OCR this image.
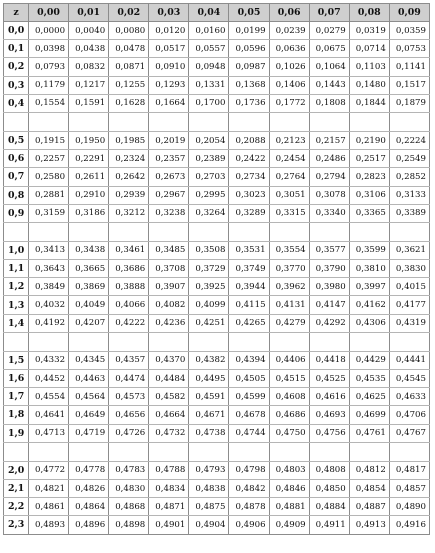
z	0,00	0,01	0,02	0,03	0,04	0,05	0,06	0,07	0,08	0,09
0,0	0,0000	0,0040	0,0080	0,0120	0,0160	0,0199	0,0239	0,0279	0,0319	0,0359
0,1	0,0398	0,0438	0,0478	0,0517	0,0557	0,0596	0,0636	0,0675	0,0714	0,0753
0,2	0,0793	0,0832	0,0871	0,0910	0,0948	0,0987	0,1026	0,1064	0,1103	0,1141
0,3	0,1179	0,1217	0,1255	0,1293	0,1331	0,1368	0,1406	0,1443	0,1480	0,1517
0,4	0,1554	0,1591	0,1628	0,1664	0,1700	0,1736	0,1772	0,1808	0,1844	0,1879

0,5	0,1915	0,1950	0,1985	0,2019	0,2054	0,2088	0,2123	0,2157	0,2190	0,2224
0,6	0,2257	0,2291	0,2324	0,2357	0,2389	0,2422	0,2454	0,2486	0,2517	0,2549
0,7	0,2580	0,2611	0,2642	0,2673	0,2703	0,2734	0,2764	0,2794	0,2823	0,2852
0,8	0,2881	0,2910	0,2939	0,2967	0,2995	0,3023	0,3051	0,3078	0,3106	0,3133
0,9	0,3159	0,3186	0,3212	0,3238	0,3264	0,3289	0,3315	0,3340	0,3365	0,3389

1,0	0,3413	0,3438	0,3461	0,3485	0,3508	0,3531	0,3554	0,3577	0,3599	0,3621
1,1	0,3643	0,3665	0,3686	0,3708	0,3729	0,3749	0,3770	0,3790	0,3810	0,3830
1,2	0,3849	0,3869	0,3888	0,3907	0,3925	0,3944	0,3962	0,3980	0,3997	0,4015
1,3	0,4032	0,4049	0,4066	0,4082	0,4099	0,4115	0,4131	0,4147	0,4162	0,4177
1,4	0,4192	0,4207	0,4222	0,4236	0,4251	0,4265	0,4279	0,4292	0,4306	0,4319

1,5	0,4332	0,4345	0,4357	0,4370	0,4382	0,4394	0,4406	0,4418	0,4429	0,4441
1,6	0,4452	0,4463	0,4474	0,4484	0,4495	0,4505	0,4515	0,4525	0,4535	0,4545
1,7	0,4554	0,4564	0,4573	0,4582	0,4591	0,4599	0,4608	0,4616	0,4625	0,4633
1,8	0,4641	0,4649	0,4656	0,4664	0,4671	0,4678	0,4686	0,4693	0,4699	0,4706
1,9	0,4713	0,4719	0,4726	0,4732	0,4738	0,4744	0,4750	0,4756	0,4761	0,4767

2,0	0,4772	0,4778	0,4783	0,4788	0,4793	0,4798	0,4803	0,4808	0,4812	0,4817
2,1	0,4821	0,4826	0,4830	0,4834	0,4838	0,4842	0,4846	0,4850	0,4854	0,4857
2,2	0,4861	0,4864	0,4868	0,4871	0,4875	0,4878	0,4881	0,4884	0,4887	0,4890
2,3	0,4893	0,4896	0,4898	0,4901	0,4904	0,4906	0,4909	0,4911	0,4913	0,4916
